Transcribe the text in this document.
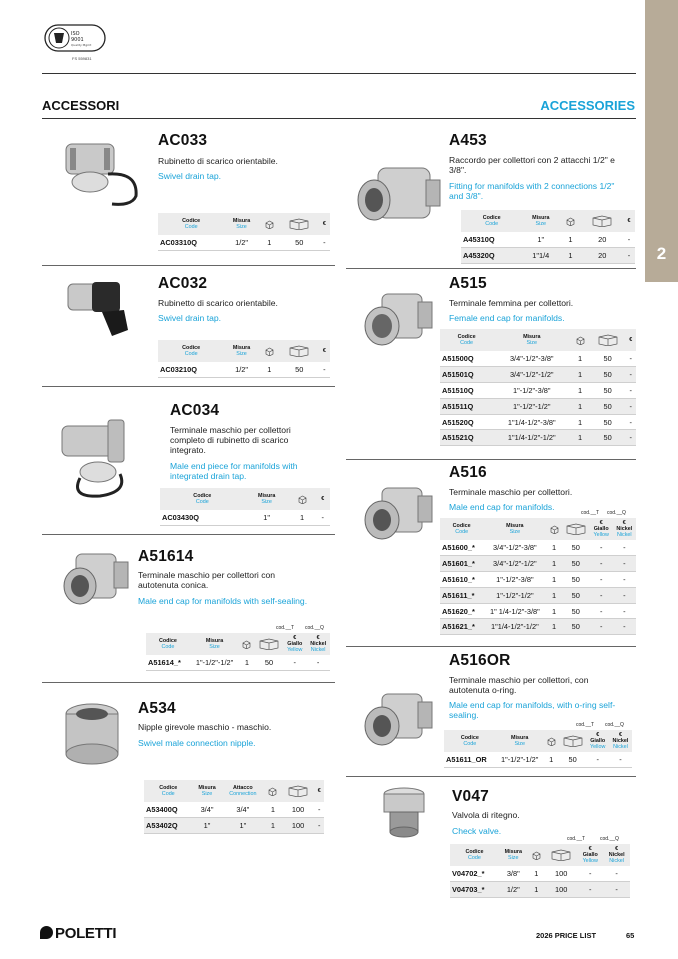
ISO
9001
Quality Mgmt
FS 559831
2
ACCESSORI	ACCESSORIES
AC033
Rubinetto di scarico orientabile.
Swivel drain tap.
Codice
Code	Misura
Size			€
AC03310Q	1/2"	1	50	-
AC032
Rubinetto di scarico orientabile.
Swivel drain tap.
Codice
Code	Misura
Size			€
AC03210Q	1/2"	1	50	-
AC034
Terminale maschio per collettori completo di rubinetto di scarico integrato.
Male end piece for manifolds with integrated drain tap.
Codice
Code	Misura
Size		€
AC03430Q	1"	1	-
A51614
Terminale maschio per collettori con autotenuta conica.
Male end cap for manifolds with self-sealing.
cod.__T cod.__Q
Codice
Code	Misura
Size			€
Giallo
Yellow	€
Nickel
Nickel
A51614_*	1"-1/2"-1/2"	1	50	-	-
A534
Nipple girevole maschio - maschio.
Swivel male connection nipple.
Codice
Code	Misura
Size	Attacco
Connection			€
A53400Q	3/4"	3/4"	1	100	-
A53402Q	1"	1"	1	100	-
A453
Raccordo per collettori con 2 attacchi 1/2" e 3/8".
Fitting for manifolds with 2 connections 1/2" and 3/8".
Codice
Code	Misura
Size			€
A45310Q	1"	1	20	-
A45320Q	1"1/4	1	20	-
A515
Terminale femmina per collettori.
Female end cap for manifolds.
Codice
Code	Misura
Size			€
A51500Q	3/4"-1/2"-3/8"	1	50	-
A51501Q	3/4"-1/2"-1/2"	1	50	-
A51510Q	1"-1/2"-3/8"	1	50	-
A51511Q	1"-1/2"-1/2"	1	50	-
A51520Q	1"1/4-1/2"-3/8"	1	50	-
A51521Q	1"1/4-1/2"-1/2"	1	50	-
A516
Terminale maschio per collettori.
Male end cap for manifolds.
cod.__T cod.__Q
Codice
Code	Misura
Size			€
Giallo
Yellow	€
Nickel
Nickel
A51600_*	3/4"-1/2"-3/8"	1	50	-	-
A51601_*	3/4"-1/2"-1/2"	1	50	-	-
A51610_*	1"-1/2"-3/8"	1	50	-	-
A51611_*	1"-1/2"-1/2"	1	50	-	-
A51620_*	1" 1/4-1/2"-3/8"	1	50	-	-
A51621_*	1"1/4-1/2"-1/2"	1	50	-	-
A516OR
Terminale maschio per collettori, con autotenuta o-ring.
Male end cap for manifolds, with o-ring self-sealing.
cod.__T cod.__Q
Codice
Code	Misura
Size			€
Giallo
Yellow	€
Nickel
Nickel
A51611_OR	1"-1/2"-1/2"	1	50	-	-
V047
Valvola di ritegno.
Check valve.
cod.__T	cod.__Q
Codice
Code	Misura
Size			€
Giallo
Yellow	€
Nickel
Nickel
V04702_*	3/8"	1	100	-	-
V04703_*	1/2"	1	100	-	-
POLETTI	2026 PRICE LIST	65
